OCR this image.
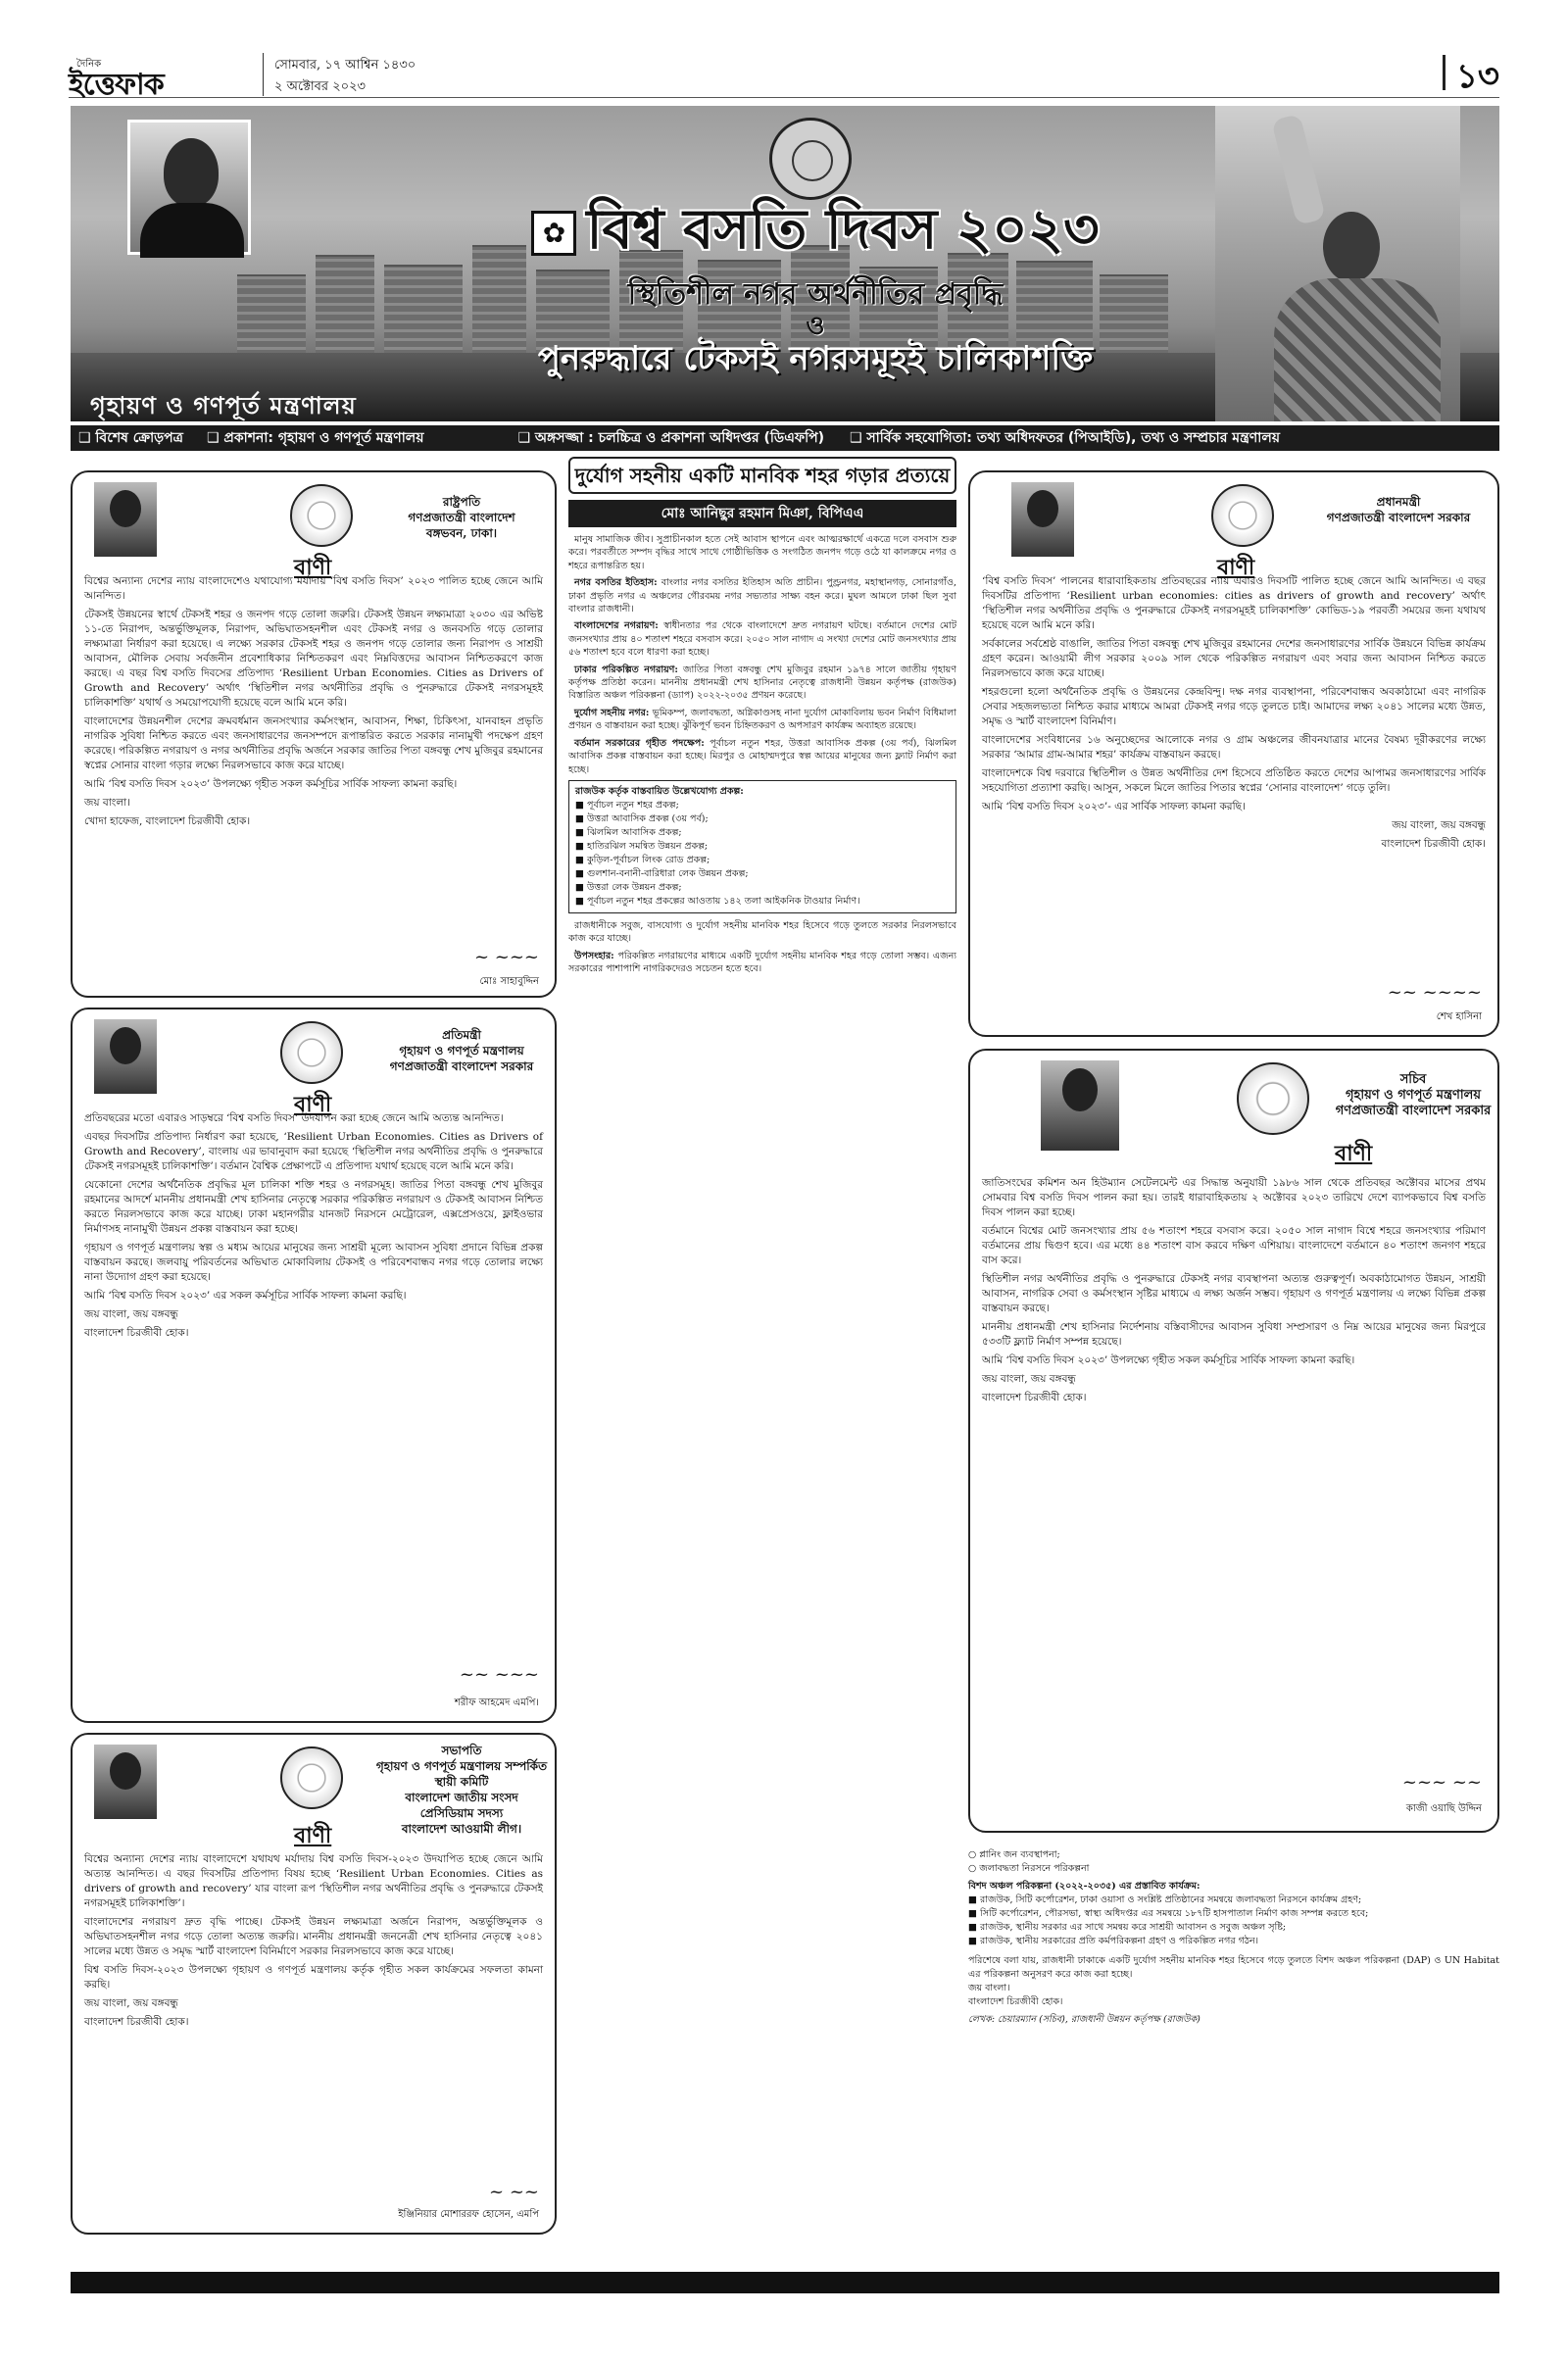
দৈনিক
ইত্তেফাক
সোমবার, ১৭ আশ্বিন ১৪৩০
২ অক্টোবর ২০২৩	১৩
✿ বিশ্ব বসতি দিবস ২০২৩
স্থিতিশীল নগর অর্থনীতির প্রবৃদ্ধি
ও
পুনরুদ্ধারে টেকসই নগরসমূহই চালিকাশক্তি
গৃহায়ণ ও গণপূর্ত মন্ত্রণালয়
❑ বিশেষ ক্রোড়পত্র ❑ প্রকাশনা: গৃহায়ণ ও গণপূর্ত মন্ত্রণালয়	❑ অঙ্গসজ্জা : চলচ্চিত্র ও প্রকাশনা অধিদপ্তর (ডিএফপি) ❑ সার্বিক সহযোগিতা: তথ্য অধিদফতর (পিআইডি), তথ্য ও সম্প্রচার মন্ত্রণালয়
রাষ্ট্রপতি
গণপ্রজাতন্ত্রী বাংলাদেশ
বঙ্গভবন, ঢাকা।
বাণী

বিশ্বের অন্যান্য দেশের ন্যায় বাংলাদেশেও যথাযোগ্য মর্যাদায় ‘বিশ্ব বসতি দিবস’ ২০২৩ পালিত হচ্ছে জেনে আমি আনন্দিত।

টেকসই উন্নয়নের স্বার্থে টেকসই শহর ও জনপদ গড়ে তোলা জরুরি। টেকসই উন্নয়ন লক্ষ্যমাত্রা ২০৩০ এর অভিষ্ট ১১-তে নিরাপদ, অন্তর্ভুক্তিমূলক, নিরাপদ, অভিঘাতসহনশীল এবং টেকসই নগর ও জনবসতি গড়ে তোলার লক্ষ্যমাত্রা নির্ধারণ করা হয়েছে। এ লক্ষ্যে সরকার টেকসই শহর ও জনপদ গড়ে তোলার জন্য নিরাপদ ও সাশ্রয়ী আবাসন, মৌলিক সেবায় সর্বজনীন প্রবেশাধিকার নিশ্চিতকরণ এবং নিম্নবিত্তদের আবাসন নিশ্চিতকরণে কাজ করছে। এ বছর বিশ্ব বসতি দিবসের প্রতিপাদ্য ‘Resilient Urban Economies. Cities as Drivers of Growth and Recovery’ অর্থাৎ ‘স্থিতিশীল নগর অর্থনীতির প্রবৃদ্ধি ও পুনরুদ্ধারে টেকসই নগরসমূহই চালিকাশক্তি’ যথার্থ ও সময়োপযোগী হয়েছে বলে আমি মনে করি।

বাংলাদেশের উন্নয়নশীল দেশের ক্রমবর্ধমান জনসংখ্যার কর্মসংস্থান, আবাসন, শিক্ষা, চিকিৎসা, যানবাহন প্রভৃতি নাগরিক সুবিধা নিশ্চিত করতে এবং জনসাধারণের জনসম্পদে রূপান্তরিত করতে সরকার নানামুখী পদক্ষেপ গ্রহণ করেছে। পরিকল্পিত নগরায়ণ ও নগর অর্থনীতির প্রবৃদ্ধি অর্জনে সরকার জাতির পিতা বঙ্গবন্ধু শেখ মুজিবুর রহমানের স্বপ্নের সোনার বাংলা গড়ার লক্ষ্যে নিরলসভাবে কাজ করে যাচ্ছে।

আমি ‘বিশ্ব বসতি দিবস ২০২৩’ উপলক্ষ্যে গৃহীত সকল কর্মসূচির সার্বিক সাফল্য কামনা করছি।

জয় বাংলা।

খোদা হাফেজ, বাংলাদেশ চিরজীবী হোক।

~ ~~~
মোঃ সাহাবুদ্দিন
প্রতিমন্ত্রী
গৃহায়ণ ও গণপূর্ত মন্ত্রণালয়
গণপ্রজাতন্ত্রী বাংলাদেশ সরকার
বাণী

প্রতিবছরের মতো এবারও সাড়ম্বরে ‘বিশ্ব বসতি দিবস’ উদযাপন করা হচ্ছে জেনে আমি অত্যন্ত আনন্দিত।

এবছর দিবসটির প্রতিপাদ্য নির্ধারণ করা হয়েছে, ‘Resilient Urban Economies. Cities as Drivers of Growth and Recovery’, বাংলায় এর ভাবানুবাদ করা হয়েছে ‘স্থিতিশীল নগর অর্থনীতির প্রবৃদ্ধি ও পুনরুদ্ধারে টেকসই নগরসমূহই চালিকাশক্তি’। বর্তমান বৈশ্বিক প্রেক্ষাপটে এ প্রতিপাদ্য যথার্থ হয়েছে বলে আমি মনে করি।

যেকোনো দেশের অর্থনৈতিক প্রবৃদ্ধির মূল চালিকা শক্তি শহর ও নগরসমূহ। জাতির পিতা বঙ্গবন্ধু শেখ মুজিবুর রহমানের আদর্শে মাননীয় প্রধানমন্ত্রী শেখ হাসিনার নেতৃত্বে সরকার পরিকল্পিত নগরায়ণ ও টেকসই আবাসন নিশ্চিত করতে নিরলসভাবে কাজ করে যাচ্ছে। ঢাকা মহানগরীর যানজট নিরসনে মেট্রোরেল, এক্সপ্রেসওয়ে, ফ্লাইওভার নির্মাণসহ নানামুখী উন্নয়ন প্রকল্প বাস্তবায়ন করা হচ্ছে।

গৃহায়ণ ও গণপূর্ত মন্ত্রণালয় স্বল্প ও মধ্যম আয়ের মানুষের জন্য সাশ্রয়ী মূল্যে আবাসন সুবিধা প্রদানে বিভিন্ন প্রকল্প বাস্তবায়ন করছে। জলবায়ু পরিবর্তনের অভিঘাত মোকাবিলায় টেকসই ও পরিবেশবান্ধব নগর গড়ে তোলার লক্ষ্যে নানা উদ্যোগ গ্রহণ করা হয়েছে।

আমি ‘বিশ্ব বসতি দিবস ২০২৩’ এর সকল কর্মসূচির সার্বিক সাফল্য কামনা করছি।

জয় বাংলা, জয় বঙ্গবন্ধু

বাংলাদেশ চিরজীবী হোক।

~~ ~~~
শরীফ আহমেদ এমপি।
সভাপতি
গৃহায়ণ ও গণপূর্ত মন্ত্রণালয় সম্পর্কিত
স্থায়ী কমিটি
বাংলাদেশ জাতীয় সংসদ
প্রেসিডিয়াম সদস্য
বাংলাদেশ আওয়ামী লীগ।
বাণী

বিশ্বের অন্যান্য দেশের ন্যায় বাংলাদেশে যথাযথ মর্যাদায় বিশ্ব বসতি দিবস-২০২৩ উদযাপিত হচ্ছে জেনে আমি অত্যন্ত আনন্দিত। এ বছর দিবসটির প্রতিপাদ্য বিষয় হচ্ছে ‘Resilient Urban Economies. Cities as drivers of growth and recovery’ যার বাংলা রূপ ‘স্থিতিশীল নগর অর্থনীতির প্রবৃদ্ধি ও পুনরুদ্ধারে টেকসই নগরসমূহই চালিকাশক্তি’।

বাংলাদেশের নগরায়ণ দ্রুত বৃদ্ধি পাচ্ছে। টেকসই উন্নয়ন লক্ষ্যমাত্রা অর্জনে নিরাপদ, অন্তর্ভুক্তিমূলক ও অভিঘাতসহনশীল নগর গড়ে তোলা অত্যন্ত জরুরি। মাননীয় প্রধানমন্ত্রী জননেত্রী শেখ হাসিনার নেতৃত্বে ২০৪১ সালের মধ্যে উন্নত ও সমৃদ্ধ স্মার্ট বাংলাদেশ বিনির্মাণে সরকার নিরলসভাবে কাজ করে যাচ্ছে।

বিশ্ব বসতি দিবস-২০২৩ উপলক্ষ্যে গৃহায়ণ ও গণপূর্ত মন্ত্রণালয় কর্তৃক গৃহীত সকল কার্যক্রমের সফলতা কামনা করছি।

জয় বাংলা, জয় বঙ্গবন্ধু

বাংলাদেশ চিরজীবী হোক।

~ ~~
ইঞ্জিনিয়ার মোশাররফ হোসেন, এমপি
দুর্যোগ সহনীয় একটি মানবিক শহর গড়ার প্রত্যয়ে
মোঃ আনিছুর রহমান মিঞা, বিপিএএ

মানুষ সামাজিক জীব। সুপ্রাচীনকাল হতে সেই আবাস স্থাপনে এবং আত্মরক্ষার্থে একত্রে দলে বসবাস শুরু করে। পরবর্তীতে সম্পদ বৃদ্ধির সাথে সাথে গোষ্ঠীভিত্তিক ও সংগঠিত জনপদ গড়ে ওঠে যা কালক্রমে নগর ও শহরে রূপান্তরিত হয়।

নগর বসতির ইতিহাস: বাংলার নগর বসতির ইতিহাস অতি প্রাচীন। পুণ্ড্রনগর, মহাস্থানগড়, সোনারগাঁও, ঢাকা প্রভৃতি নগর এ অঞ্চলের গৌরবময় নগর সভ্যতার সাক্ষ্য বহন করে। মুঘল আমলে ঢাকা ছিল সুবা বাংলার রাজধানী।

বাংলাদেশের নগরায়ণ: স্বাধীনতার পর থেকে বাংলাদেশে দ্রুত নগরায়ণ ঘটছে। বর্তমানে দেশের মোট জনসংখ্যার প্রায় ৪০ শতাংশ শহরে বসবাস করে। ২০৫০ সাল নাগাদ এ সংখ্যা দেশের মোট জনসংখ্যার প্রায় ৫৬ শতাংশ হবে বলে ধারণা করা হচ্ছে।

ঢাকার পরিকল্পিত নগরায়ণ: জাতির পিতা বঙ্গবন্ধু শেখ মুজিবুর রহমান ১৯৭৪ সালে জাতীয় গৃহায়ণ কর্তৃপক্ষ প্রতিষ্ঠা করেন। মাননীয় প্রধানমন্ত্রী শেখ হাসিনার নেতৃত্বে রাজধানী উন্নয়ন কর্তৃপক্ষ (রাজউক) বিস্তারিত অঞ্চল পরিকল্পনা (ড্যাপ) ২০২২-২০৩৫ প্রণয়ন করেছে।

দুর্যোগ সহনীয় নগর: ভূমিকম্প, জলাবদ্ধতা, অগ্নিকাণ্ডসহ নানা দুর্যোগ মোকাবিলায় ভবন নির্মাণ বিধিমালা প্রণয়ন ও বাস্তবায়ন করা হচ্ছে। ঝুঁকিপূর্ণ ভবন চিহ্নিতকরণ ও অপসারণ কার্যক্রম অব্যাহত রয়েছে।

বর্তমান সরকারের গৃহীত পদক্ষেপ: পূর্বাচল নতুন শহর, উত্তরা আবাসিক প্রকল্প (৩য় পর্ব), ঝিলমিল আবাসিক প্রকল্প বাস্তবায়ন করা হচ্ছে। মিরপুর ও মোহাম্মদপুরে স্বল্প আয়ের মানুষের জন্য ফ্ল্যাট নির্মাণ করা হচ্ছে।

রাজউক কর্তৃক বাস্তবায়িত উল্লেখযোগ্য প্রকল্প:
■ পূর্বাচল নতুন শহর প্রকল্প;
■ উত্তরা আবাসিক প্রকল্প (৩য় পর্ব);
■ ঝিলমিল আবাসিক প্রকল্প;
■ হাতিরঝিল সমন্বিত উন্নয়ন প্রকল্প;
■ কুড়িল-পূর্বাচল লিংক রোড প্রকল্প;
■ গুলশান-বনানী-বারিধারা লেক উন্নয়ন প্রকল্প;
■ উত্তরা লেক উন্নয়ন প্রকল্প;
■ পূর্বাচল নতুন শহর প্রকল্পের আওতায় ১৪২ তলা আইকনিক টাওয়ার নির্মাণ।

রাজধানীকে সবুজ, বাসযোগ্য ও দুর্যোগ সহনীয় মানবিক শহর হিসেবে গড়ে তুলতে সরকার নিরলসভাবে কাজ করে যাচ্ছে।

উপসংহার: পরিকল্পিত নগরায়ণের মাধ্যমে একটি দুর্যোগ সহনীয় মানবিক শহর গড়ে তোলা সম্ভব। এজন্য সরকারের পাশাপাশি নাগরিকদেরও সচেতন হতে হবে।

প্রধানমন্ত্রী
গণপ্রজাতন্ত্রী বাংলাদেশ সরকার
বাণী

‘বিশ্ব বসতি দিবস’ পালনের ধারাবাহিকতায় প্রতিবছরের ন্যায় এবারও দিবসটি পালিত হচ্ছে জেনে আমি আনন্দিত। এ বছর দিবসটির প্রতিপাদ্য ‘Resilient urban economies: cities as drivers of growth and recovery’ অর্থাৎ ‘স্থিতিশীল নগর অর্থনীতির প্রবৃদ্ধি ও পুনরুদ্ধারে টেকসই নগরসমূহই চালিকাশক্তি’ কোভিড-১৯ পরবর্তী সময়ের জন্য যথাযথ হয়েছে বলে আমি মনে করি।

সর্বকালের সর্বশ্রেষ্ঠ বাঙালি, জাতির পিতা বঙ্গবন্ধু শেখ মুজিবুর রহমানের দেশের জনসাধারণের সার্বিক উন্নয়নে বিভিন্ন কার্যক্রম গ্রহণ করেন। আওয়ামী লীগ সরকার ২০০৯ সাল থেকে পরিকল্পিত নগরায়ণ এবং সবার জন্য আবাসন নিশ্চিত করতে নিরলসভাবে কাজ করে যাচ্ছে।

শহরগুলো হলো অর্থনৈতিক প্রবৃদ্ধি ও উন্নয়নের কেন্দ্রবিন্দু। দক্ষ নগর ব্যবস্থাপনা, পরিবেশবান্ধব অবকাঠামো এবং নাগরিক সেবার সহজলভ্যতা নিশ্চিত করার মাধ্যমে আমরা টেকসই নগর গড়ে তুলতে চাই। আমাদের লক্ষ্য ২০৪১ সালের মধ্যে উন্নত, সমৃদ্ধ ও স্মার্ট বাংলাদেশ বিনির্মাণ।

বাংলাদেশের সংবিধানের ১৬ অনুচ্ছেদের আলোকে নগর ও গ্রাম অঞ্চলের জীবনযাত্রার মানের বৈষম্য দূরীকরণের লক্ষ্যে সরকার ‘আমার গ্রাম-আমার শহর’ কার্যক্রম বাস্তবায়ন করছে।

বাংলাদেশকে বিশ্ব দরবারে স্থিতিশীল ও উন্নত অর্থনীতির দেশ হিসেবে প্রতিষ্ঠিত করতে দেশের আপামর জনসাধারণের সার্বিক সহযোগিতা প্রত্যাশা করছি। আসুন, সকলে মিলে জাতির পিতার স্বপ্নের ‘সোনার বাংলাদেশ’ গড়ে তুলি।

আমি ‘বিশ্ব বসতি দিবস ২০২৩’- এর সার্বিক সাফল্য কামনা করছি।

জয় বাংলা, জয় বঙ্গবন্ধু

বাংলাদেশ চিরজীবী হোক।

~~ ~~~~
শেখ হাসিনা
সচিব
গৃহায়ণ ও গণপূর্ত মন্ত্রণালয়
গণপ্রজাতন্ত্রী বাংলাদেশ সরকার
বাণী

জাতিসংঘের কমিশন অন হিউম্যান সেটেলমেন্ট এর সিদ্ধান্ত অনুযায়ী ১৯৮৬ সাল থেকে প্রতিবছর অক্টোবর মাসের প্রথম সোমবার বিশ্ব বসতি দিবস পালন করা হয়। তারই ধারাবাহিকতায় ২ অক্টোবর ২০২৩ তারিখে দেশে ব্যাপকভাবে বিশ্ব বসতি দিবস পালন করা হচ্ছে।

বর্তমানে বিশ্বের মোট জনসংখ্যার প্রায় ৫৬ শতাংশ শহরে বসবাস করে। ২০৫০ সাল নাগাদ বিশ্বে শহরে জনসংখ্যার পরিমাণ বর্তমানের প্রায় দ্বিগুণ হবে। এর মধ্যে ৪৪ শতাংশ বাস করবে দক্ষিণ এশিয়ায়। বাংলাদেশে বর্তমানে ৪০ শতাংশ জনগণ শহরে বাস করে।

স্থিতিশীল নগর অর্থনীতির প্রবৃদ্ধি ও পুনরুদ্ধারে টেকসই নগর ব্যবস্থাপনা অত্যন্ত গুরুত্বপূর্ণ। অবকাঠামোগত উন্নয়ন, সাশ্রয়ী আবাসন, নাগরিক সেবা ও কর্মসংস্থান সৃষ্টির মাধ্যমে এ লক্ষ্য অর্জন সম্ভব। গৃহায়ণ ও গণপূর্ত মন্ত্রণালয় এ লক্ষ্যে বিভিন্ন প্রকল্প বাস্তবায়ন করছে।

মাননীয় প্রধানমন্ত্রী শেখ হাসিনার নির্দেশনায় বস্তিবাসীদের আবাসন সুবিধা সম্প্রসারণ ও নিম্ন আয়ের মানুষের জন্য মিরপুরে ৫৩৩টি ফ্ল্যাট নির্মাণ সম্পন্ন হয়েছে।

আমি ‘বিশ্ব বসতি দিবস ২০২৩’ উপলক্ষ্যে গৃহীত সকল কর্মসূচির সার্বিক সাফল্য কামনা করছি।

জয় বাংলা, জয় বঙ্গবন্ধু

বাংলাদেশ চিরজীবী হোক।

~~~ ~~
কাজী ওয়াছি উদ্দিন

○ প্লানিং জন ব্যবস্থাপনা;

○ জলাবদ্ধতা নিরসনে পরিকল্পনা

বিশদ অঞ্চল পরিকল্পনা (২০২২-২০৩৫) এর প্রস্তাবিত কার্যক্রম:

■ রাজউক, সিটি কর্পোরেশন, ঢাকা ওয়াসা ও সংশ্লিষ্ট প্রতিষ্ঠানের সমন্বয়ে জলাবদ্ধতা নিরসনে কার্যক্রম গ্রহণ;
■ সিটি কর্পোরেশন, পৌরসভা, স্বাস্থ্য অধিদপ্তর এর সমন্বয়ে ১৮৭টি হাসপাতাল নির্মাণ কাজ সম্পন্ন করতে হবে;
■ রাজউক, স্থানীয় সরকার এর সাথে সমন্বয় করে সাশ্রয়ী আবাসন ও সবুজ অঞ্চল সৃষ্টি;
■ রাজউক, স্থানীয় সরকারের প্রতি কর্মপরিকল্পনা গ্রহণ ও পরিকল্পিত নগর গঠন।

পরিশেষে বলা যায়, রাজধানী ঢাকাকে একটি দুর্যোগ সহনীয় মানবিক শহর হিসেবে গড়ে তুলতে বিশদ অঞ্চল পরিকল্পনা (DAP) ও UN Habitat এর পরিকল্পনা অনুসরণ করে কাজ করা হচ্ছে।

জয় বাংলা।

বাংলাদেশ চিরজীবী হোক।

লেখক: চেয়ারম্যান (সচিব), রাজধানী উন্নয়ন কর্তৃপক্ষ (রাজউক)
